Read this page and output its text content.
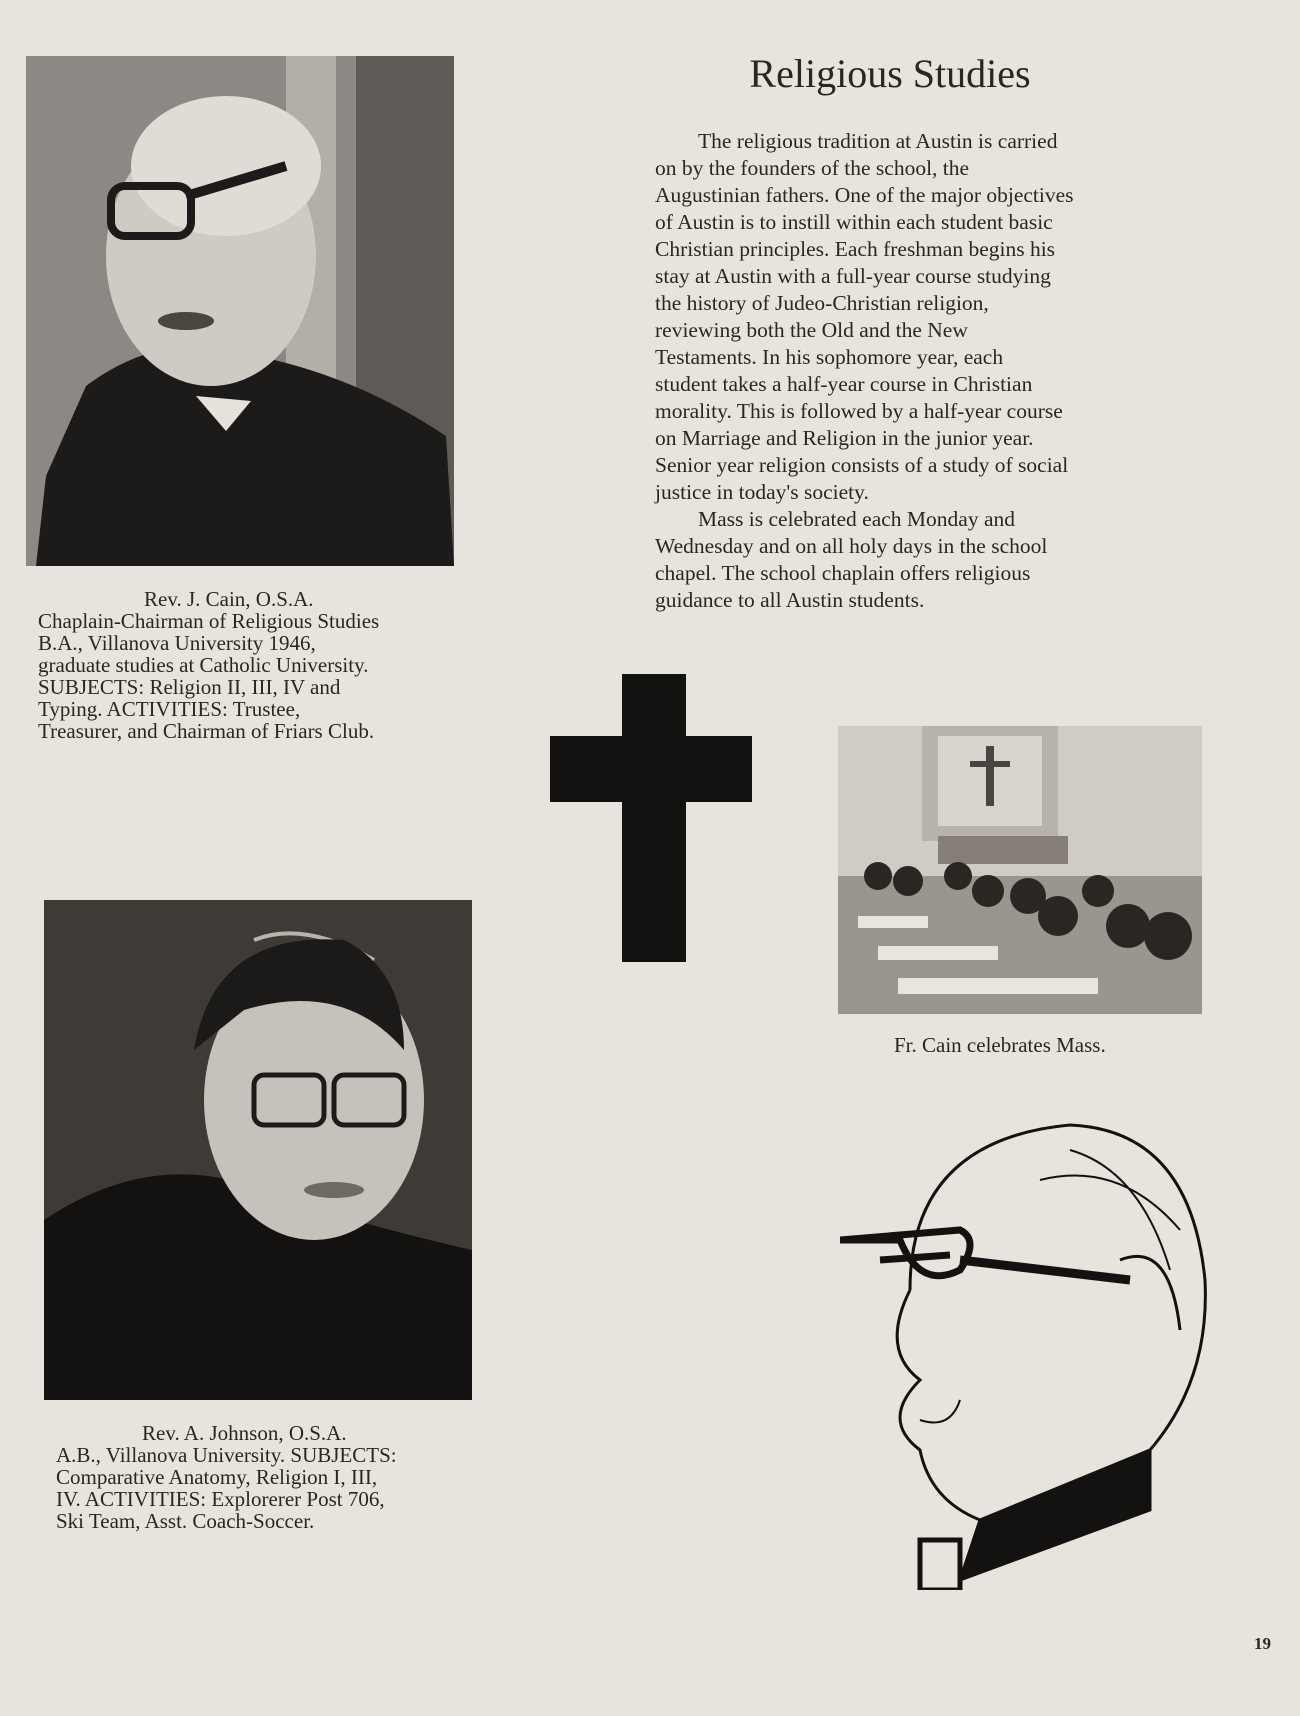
Religious Studies
The religious tradition at Austin is carried
on by the founders of the school, the
Augustinian fathers. One of the major objectives
of Austin is to instill within each student basic
Christian principles. Each freshman begins his
stay at Austin with a full-year course studying
the history of Judeo-Christian religion,
reviewing both the Old and the New
Testaments. In his sophomore year, each
student takes a half-year course in Christian
morality. This is followed by a half-year course
on Marriage and Religion in the junior year.
Senior year religion consists of a study of social
justice in today's society.
Mass is celebrated each Monday and
Wednesday and on all holy days in the school
chapel. The school chaplain offers religious
guidance to all Austin students.
Rev. J. Cain, O.S.A.
Chaplain-Chairman of Religious Studies
B.A., Villanova University 1946,
graduate studies at Catholic University.
SUBJECTS: Religion II, III, IV and
Typing. ACTIVITIES: Trustee,
Treasurer, and Chairman of Friars Club.
Fr. Cain celebrates Mass.
Rev. A. Johnson, O.S.A.
A.B., Villanova University. SUBJECTS:
Comparative Anatomy, Religion I, III,
IV. ACTIVITIES: Explorerer Post 706,
Ski Team, Asst. Coach-Soccer.
19
